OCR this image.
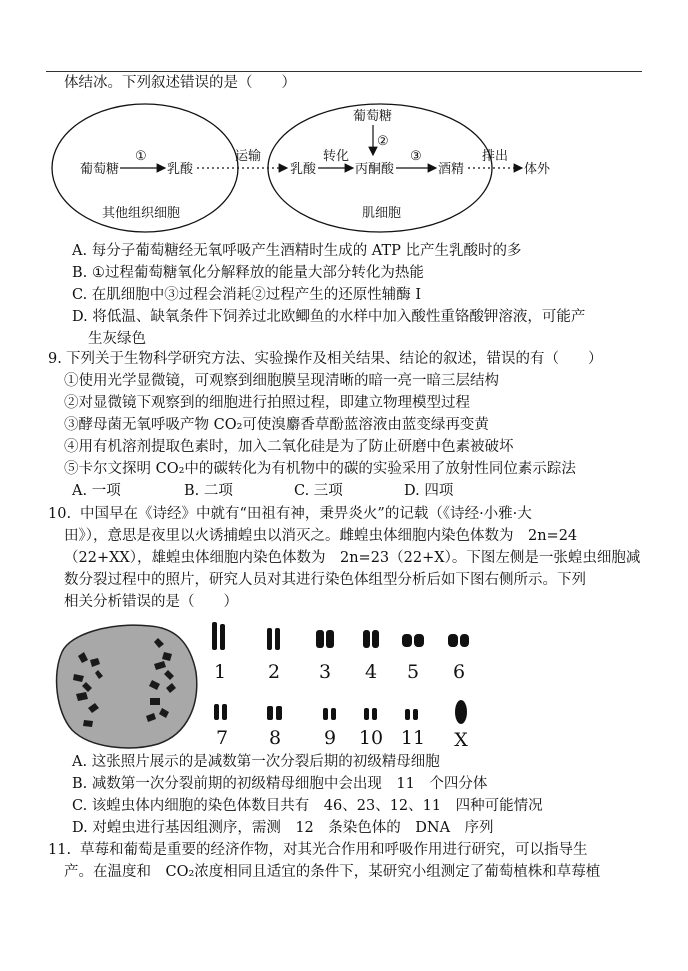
体结冰。下列叙述错误的是（　　）
葡萄糖
①
乳酸
其他组织细胞
运输
乳酸
转化
丙酮酸
葡萄糖
②
③
酒精
肌细胞
排出
体外
A. 每分子葡萄糖经无氧呼吸产生酒精时生成的 ATP 比产生乳酸时的多
B. ①过程葡萄糖氧化分解释放的能量大部分转化为热能
C. 在肌细胞中③过程会消耗②过程产生的还原性辅酶 I
D. 将低温、缺氧条件下饲养过北欧鲫鱼的水样中加入酸性重铬酸钾溶液，可能产
生灰绿色
9. 下列关于生物科学研究方法、实验操作及相关结果、结论的叙述，错误的有（　　）
①使用光学显微镜，可观察到细胞膜呈现清晰的暗一亮一暗三层结构
②对显微镜下观察到的细胞进行拍照过程，即建立物理模型过程
③酵母菌无氧呼吸产物 CO₂可使溴麝香草酚蓝溶液由蓝变绿再变黄
④用有机溶剂提取色素时，加入二氧化硅是为了防止研磨中色素被破坏
⑤卡尔文探明 CO₂中的碳转化为有机物中的碳的实验采用了放射性同位素示踪法
A. 一项	B. 二项	C. 三项	D. 四项
10. 中国早在《诗经》中就有“田祖有神，秉畀炎火”的记载（《诗经·小雅·大
田》），意思是夜里以火诱捕蝗虫以消灭之。雌蝗虫体细胞内染色体数为　2n=24
（22+XX），雄蝗虫体细胞内染色体数为　2n=23（22+X）。下图左侧是一张蝗虫细胞减
数分裂过程中的照片，研究人员对其进行染色体组型分析后如下图右侧所示。下列
相关分析错误的是（　　）
1 2 3 4 5 6
7 8 9 10 11 X
A. 这张照片展示的是减数第一次分裂后期的初级精母细胞
B. 减数第一次分裂前期的初级精母细胞中会出现　11　个四分体
C. 该蝗虫体内细胞的染色体数目共有　46、23、12、11　四种可能情况
D. 对蝗虫进行基因组测序，需测　12　条染色体的　DNA　序列
11. 草莓和葡萄是重要的经济作物，对其光合作用和呼吸作用进行研究，可以指导生
产。在温度和　CO₂浓度相同且适宜的条件下，某研究小组测定了葡萄植株和草莓植
